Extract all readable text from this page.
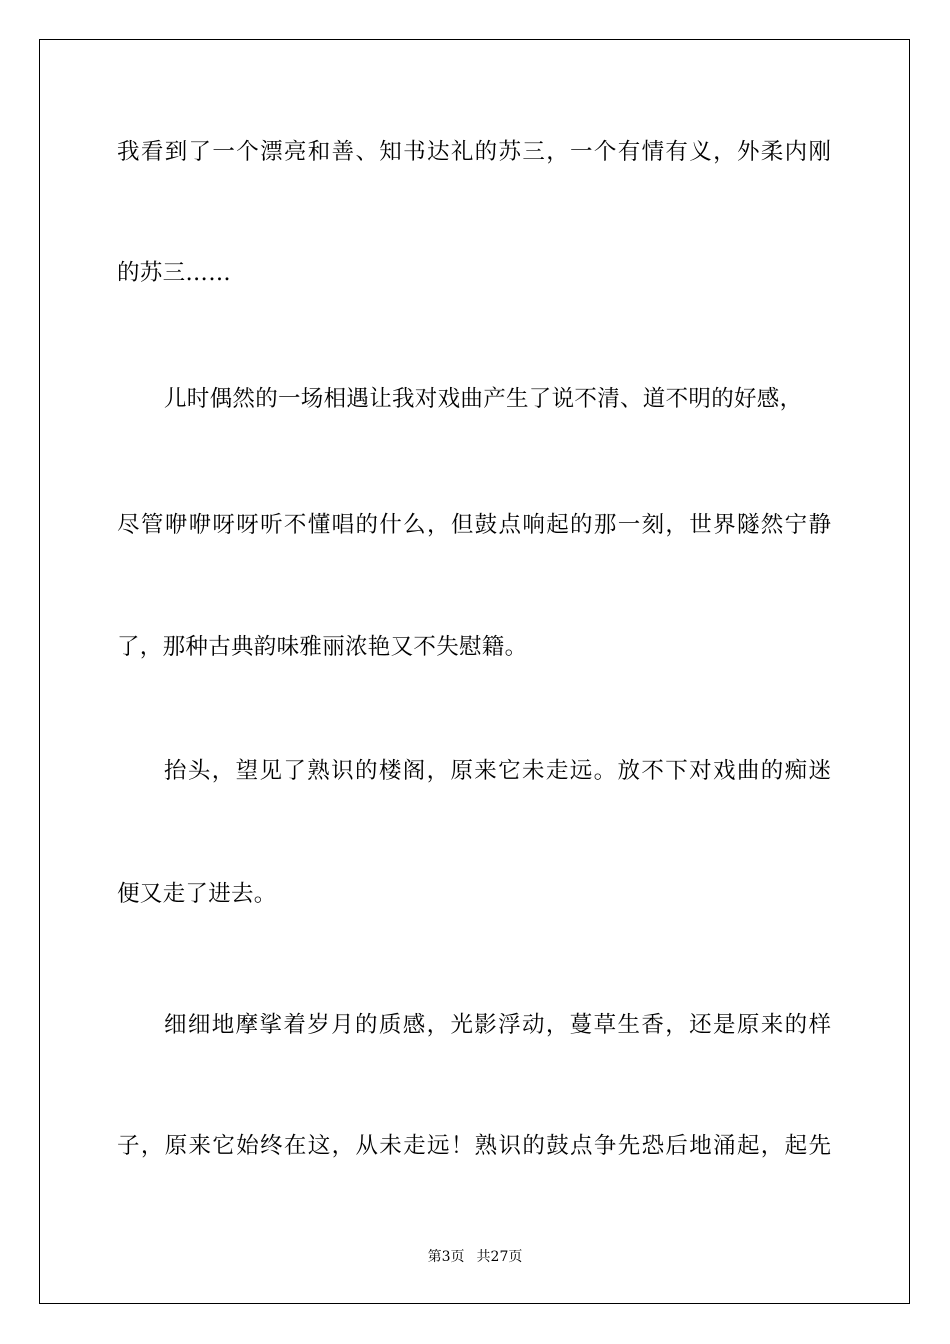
我看到了一个漂亮和善、知书达礼的苏三，一个有情有义，外柔内刚
的苏三……
儿时偶然的一场相遇让我对戏曲产生了说不清、道不明的好感，
尽管咿咿呀呀听不懂唱的什么，但鼓点响起的那一刻，世界隧然宁静
了，那种古典韵味雅丽浓艳又不失慰籍。
抬头，望见了熟识的楼阁，原来它未走远。放不下对戏曲的痴迷
便又走了进去。
细细地摩挲着岁月的质感，光影浮动，蔓草生香，还是原来的样
子，原来它始终在这，从未走远！熟识的鼓点争先恐后地涌起，起先
第3页 共27页
